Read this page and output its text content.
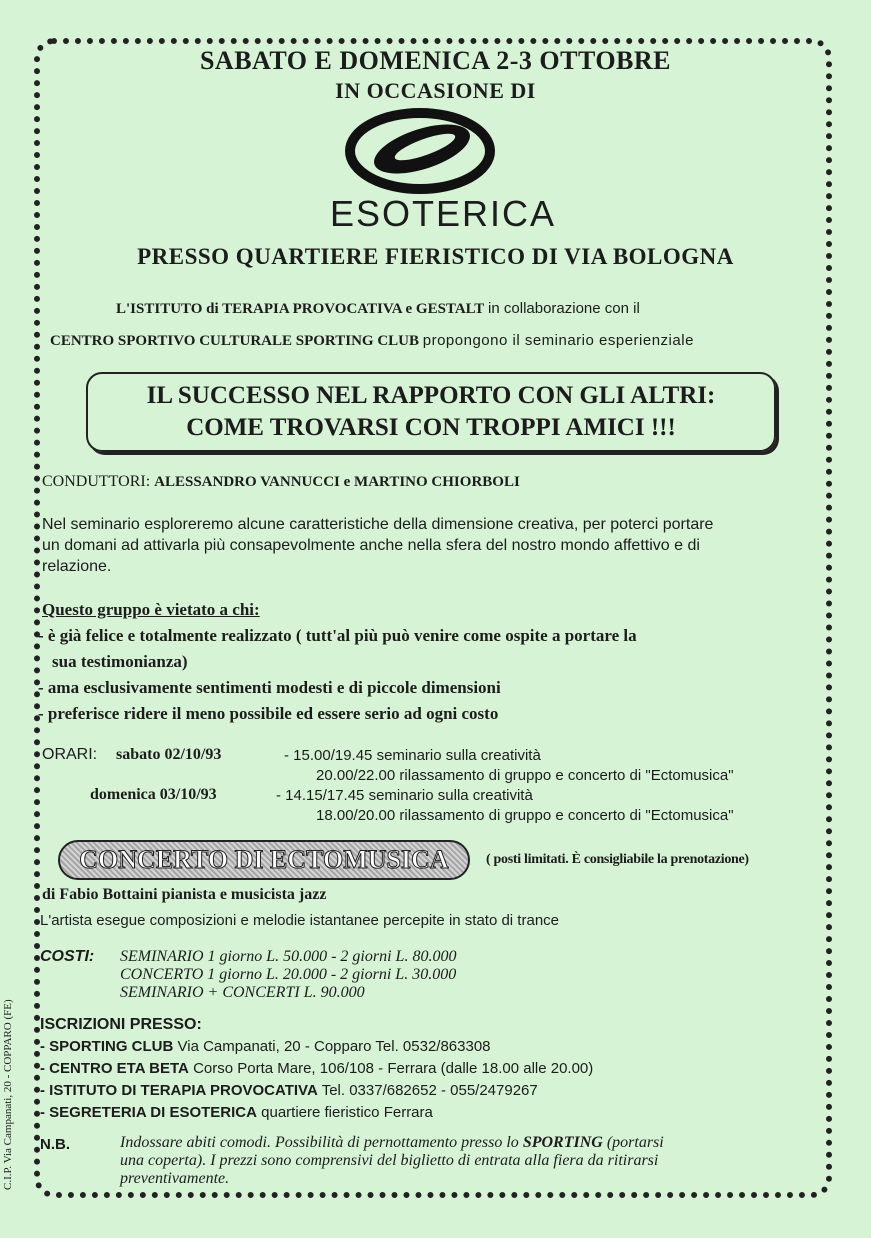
SABATO E DOMENICA 2-3 OTTOBRE
IN OCCASIONE DI
ESOTERICA
PRESSO QUARTIERE FIERISTICO DI VIA BOLOGNA
L'ISTITUTO di TERAPIA PROVOCATIVA e GESTALT in collaborazione con il
CENTRO SPORTIVO CULTURALE SPORTING CLUB propongono il seminario esperienziale
IL SUCCESSO NEL RAPPORTO CON GLI ALTRI:
COME TROVARSI CON TROPPI AMICI !!!
CONDUTTORI: ALESSANDRO VANNUCCI e MARTINO CHIORBOLI
Nel seminario esploreremo alcune caratteristiche della dimensione creativa, per poterci portare
un domani ad attivarla più consapevolmente anche nella sfera del nostro mondo affettivo e di
relazione.
Questo gruppo è vietato a chi:
- è già felice e totalmente realizzato ( tutt'al più può venire come ospite a portare la
sua testimonianza)
- ama esclusivamente sentimenti modesti e di piccole dimensioni
- preferisce ridere il meno possibile ed essere serio ad ogni costo
ORARI: sabato 02/10/93	- 15.00/19.45 seminario sulla creatività
20.00/22.00 rilassamento di gruppo e concerto di "Ectomusica"
domenica 03/10/93	- 14.15/17.45 seminario sulla creatività
18.00/20.00 rilassamento di gruppo e concerto di "Ectomusica"
CONCERTO DI ECTOMUSICA	( posti limitati. È consigliabile la prenotazione)
di Fabio Bottaini pianista e musicista jazz
L'artista esegue composizioni e melodie istantanee percepite in stato di trance
COSTI: SEMINARIO 1 giorno L. 50.000 - 2 giorni L. 80.000
CONCERTO 1 giorno L. 20.000 - 2 giorni L. 30.000
SEMINARIO + CONCERTI L. 90.000
ISCRIZIONI PRESSO:
- SPORTING CLUB Via Campanati, 20 - Copparo Tel. 0532/863308
- CENTRO ETA BETA Corso Porta Mare, 106/108 - Ferrara (dalle 18.00 alle 20.00)
- ISTITUTO DI TERAPIA PROVOCATIVA Tel. 0337/682652 - 055/2479267
- SEGRETERIA DI ESOTERICA quartiere fieristico Ferrara
N.B.	Indossare abiti comodi. Possibilità di pernottamento presso lo SPORTING (portarsi
una coperta). I prezzi sono comprensivi del biglietto di entrata alla fiera da ritirarsi
preventivamente.
C.I.P. Via Campanati, 20 - COPPARO (FE)
